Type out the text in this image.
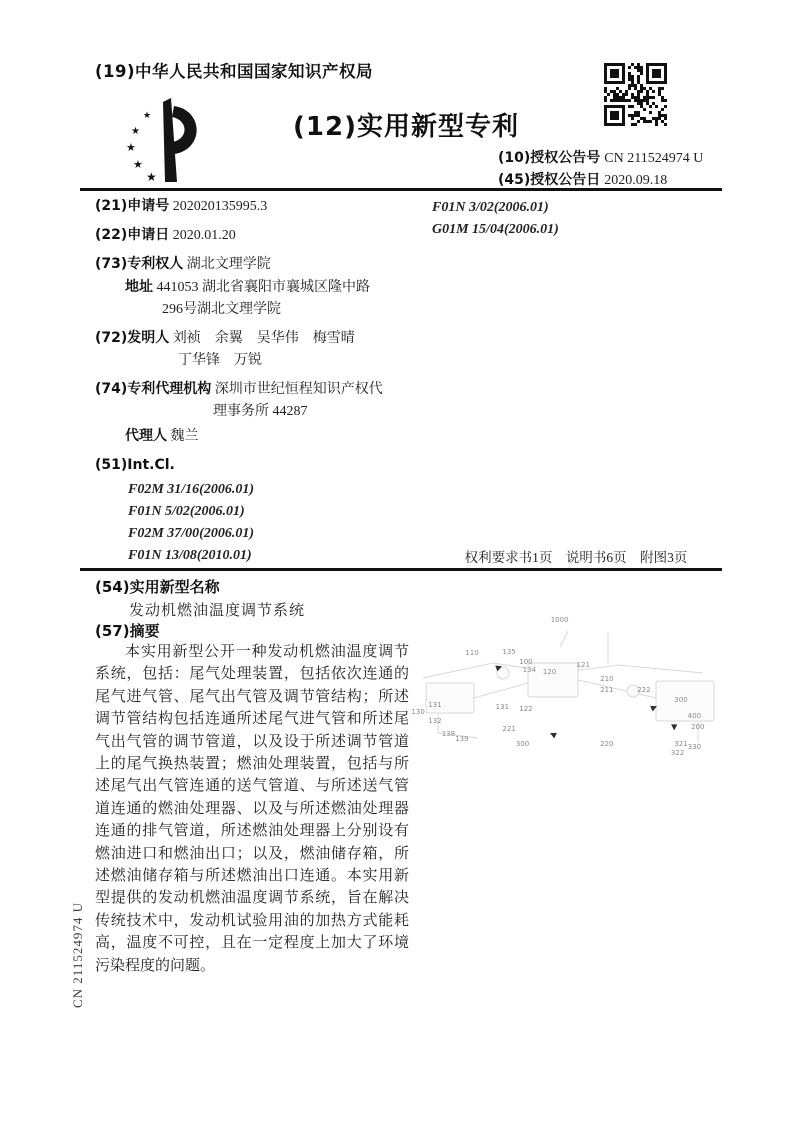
(19)中华人民共和国国家知识产权局
★
★
★
★
★
(12)实用新型专利
(10)授权公告号 CN 211524974 U
(45)授权公告日 2020.09.18
(21)申请号 202020135995.3
(22)申请日 2020.01.20
(73)专利权人 湖北文理学院
地址 441053 湖北省襄阳市襄城区隆中路
296号湖北文理学院
(72)发明人 刘祯　余翼　吴华伟　梅雪晴
丁华锋　万锐
(74)专利代理机构 深圳市世纪恒程知识产权代
理事务所 44287
代理人 魏兰
(51)Int.Cl.
F02M 31/16(2006.01)
F01N 5/02(2006.01)
F02M 37/00(2006.01)
F01N 13/08(2010.01)
F01N 3/02(2006.01)
G01M 15/04(2006.01)
权利要求书1页　说明书6页　附图3页
(54)实用新型名称
发动机燃油温度调节系统
(57)摘要
本实用新型公开一种发动机燃油温度调节系统，包括：尾气处理装置，包括依次连通的尾气进气管、尾气出气管及调节管结构；所述调节管结构包括连通所述尾气进气管和所述尾气出气管的调节管道，以及设于所述调节管道上的尾气换热装置；燃油处理装置，包括与所述尾气出气管连通的送气管道、与所述送气管道连通的燃油处理器、以及与所述燃油处理器连通的排气管道，所述燃油处理器上分别设有燃油进口和燃油出口；以及，燃油储存箱，所述燃油储存箱与所述燃油出口连通。本实用新型提供的发动机燃油温度调节系统，旨在解决传统技术中，发动机试验用油的加热方式能耗高，温度不可控，且在一定程度上加大了环境污染程度的问题。
1000
110	135
100
134 120
121
210
211	222
130
131
132
138
139
131 122
221
300	220
300
400
200
321
322
330
▶
◀
▶
▼
CN 211524974 U
